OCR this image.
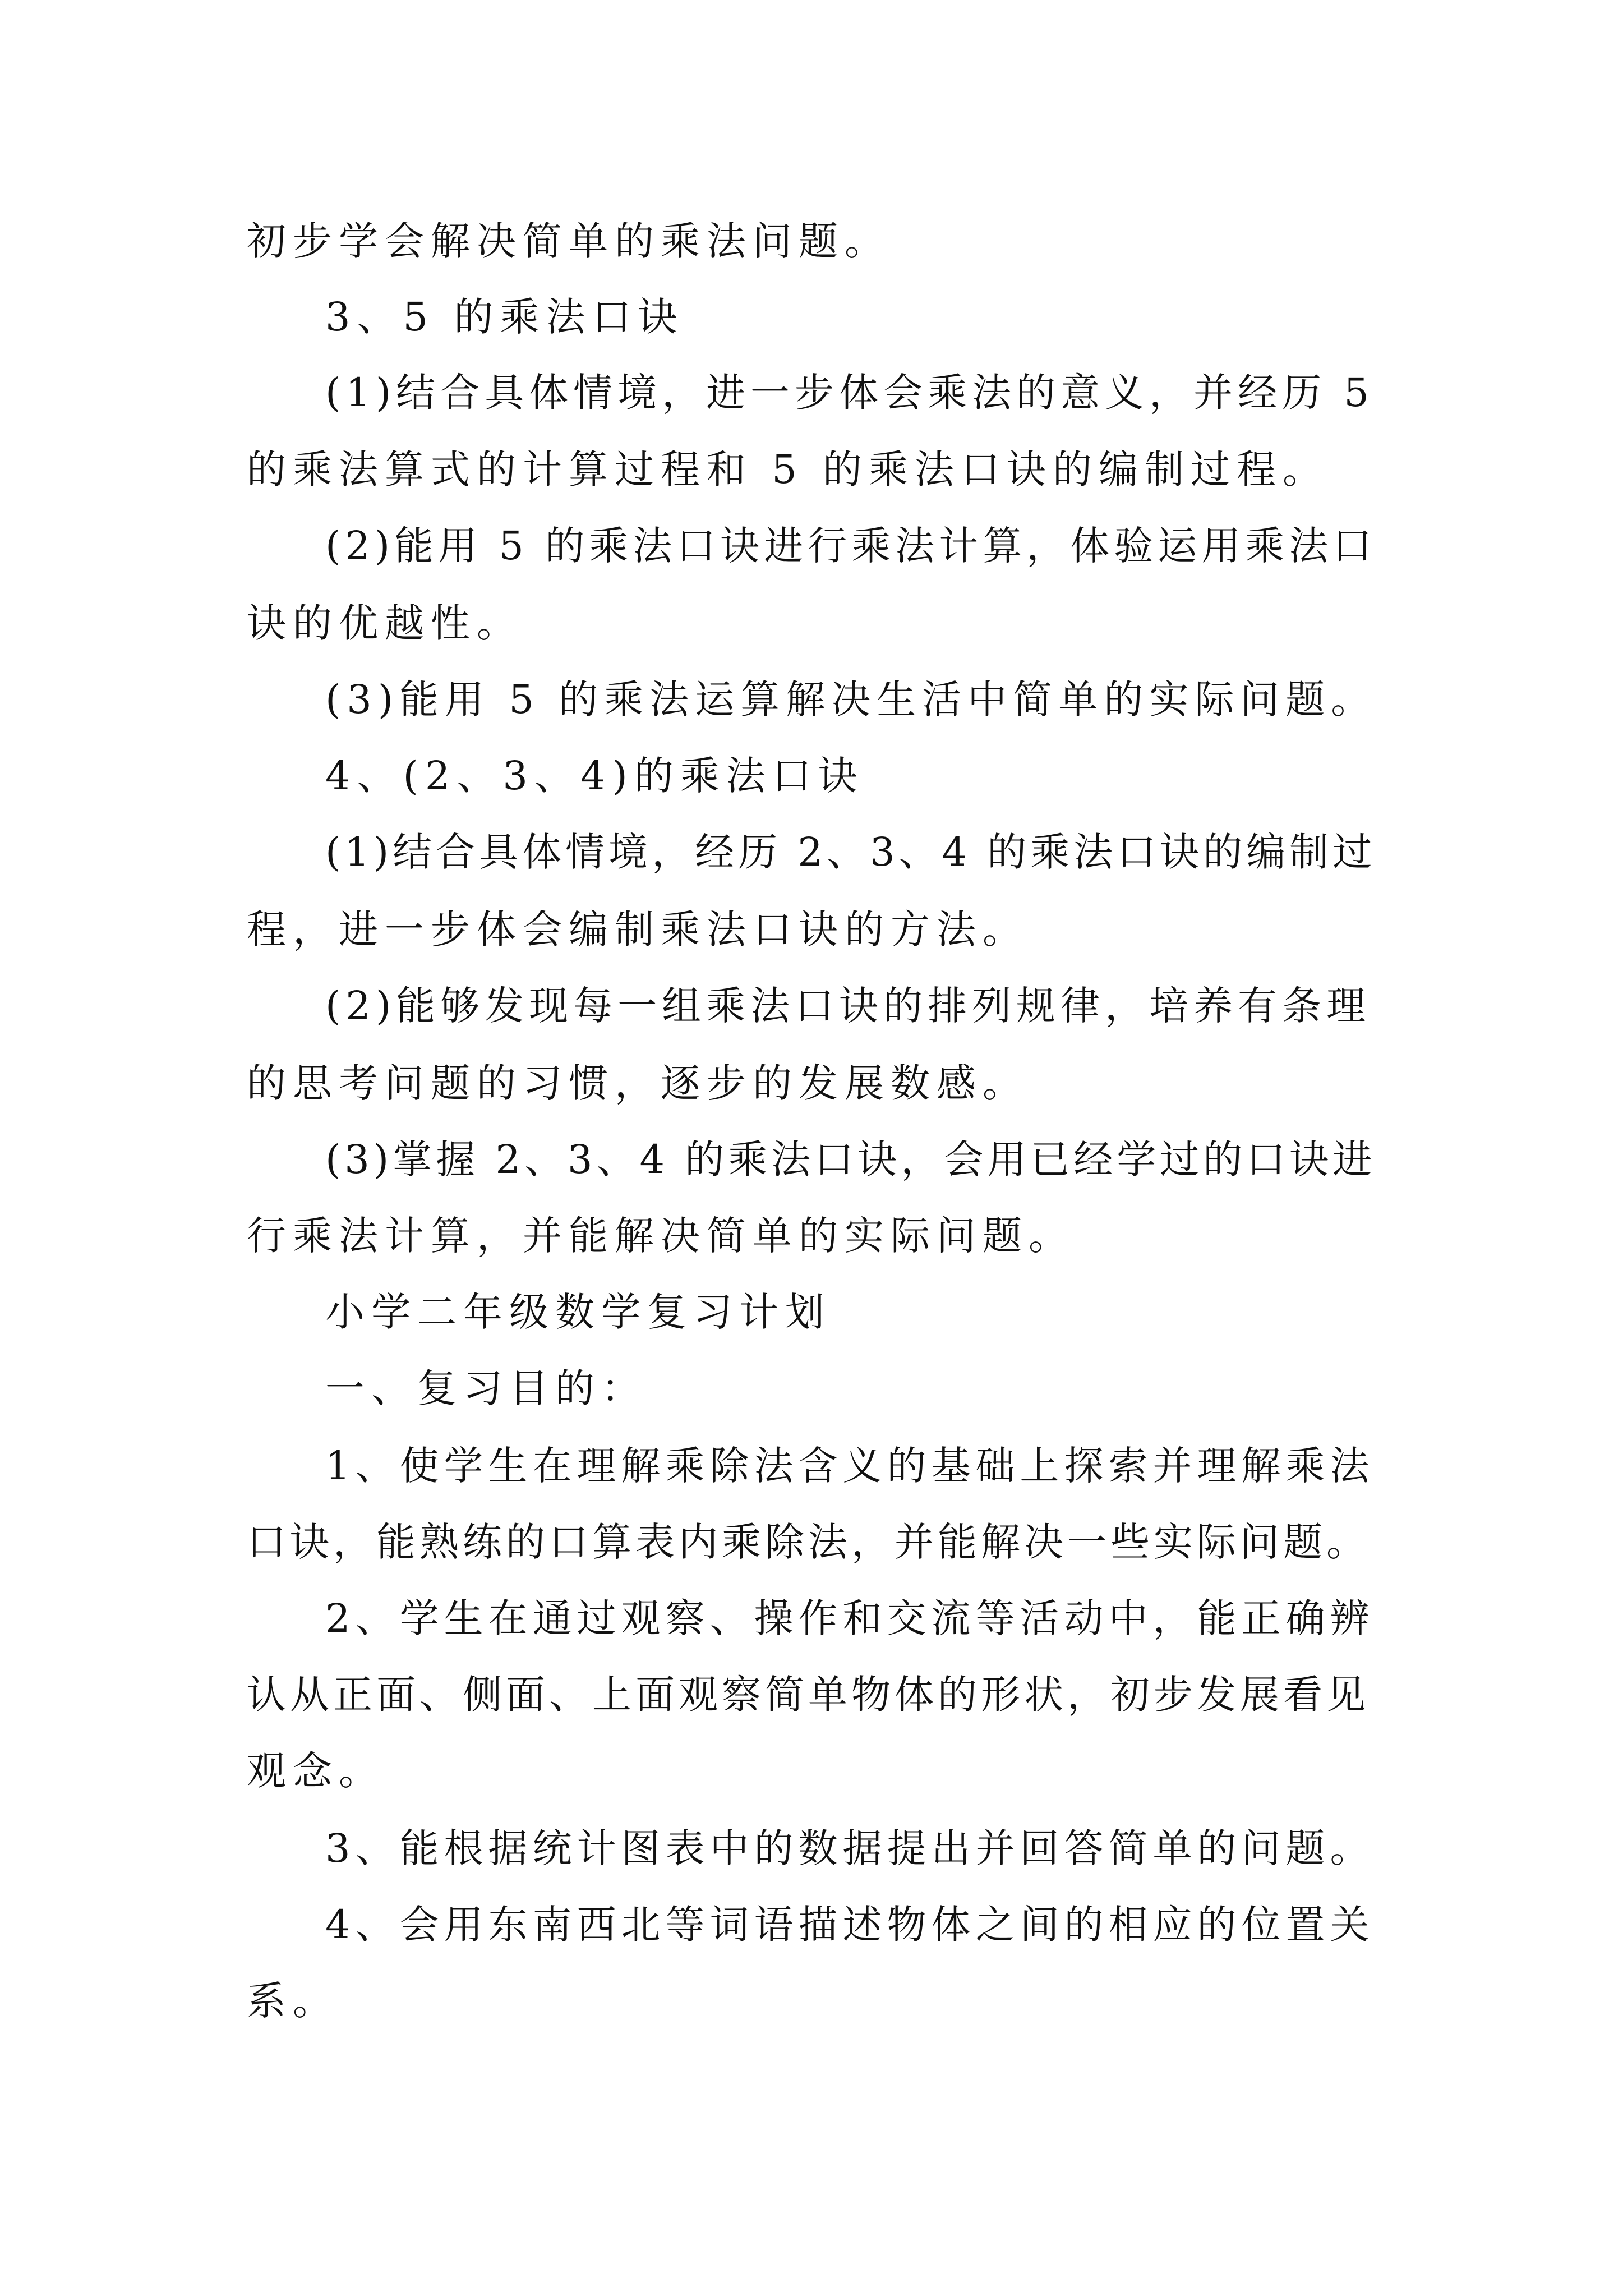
初步学会解决简单的乘法问题。
3、5 的乘法口诀
(1)结合具体情境，进一步体会乘法的意义，并经历 5
的乘法算式的计算过程和 5 的乘法口诀的编制过程。
(2)能用 5 的乘法口诀进行乘法计算，体验运用乘法口
诀的优越性。
(3)能用 5 的乘法运算解决生活中简单的实际问题。
4、(2、3、4)的乘法口诀
(1)结合具体情境，经历 2、3、4 的乘法口诀的编制过
程，进一步体会编制乘法口诀的方法。
(2)能够发现每一组乘法口诀的排列规律，培养有条理
的思考问题的习惯，逐步的发展数感。
(3)掌握 2、3、4 的乘法口诀，会用已经学过的口诀进
行乘法计算，并能解决简单的实际问题。
小学二年级数学复习计划
一、复习目的：
1、使学生在理解乘除法含义的基础上探索并理解乘法
口诀，能熟练的口算表内乘除法，并能解决一些实际问题。
2、学生在通过观察、操作和交流等活动中，能正确辨
认从正面、侧面、上面观察简单物体的形状，初步发展看见
观念。
3、能根据统计图表中的数据提出并回答简单的问题。
4、会用东南西北等词语描述物体之间的相应的位置关
系。
